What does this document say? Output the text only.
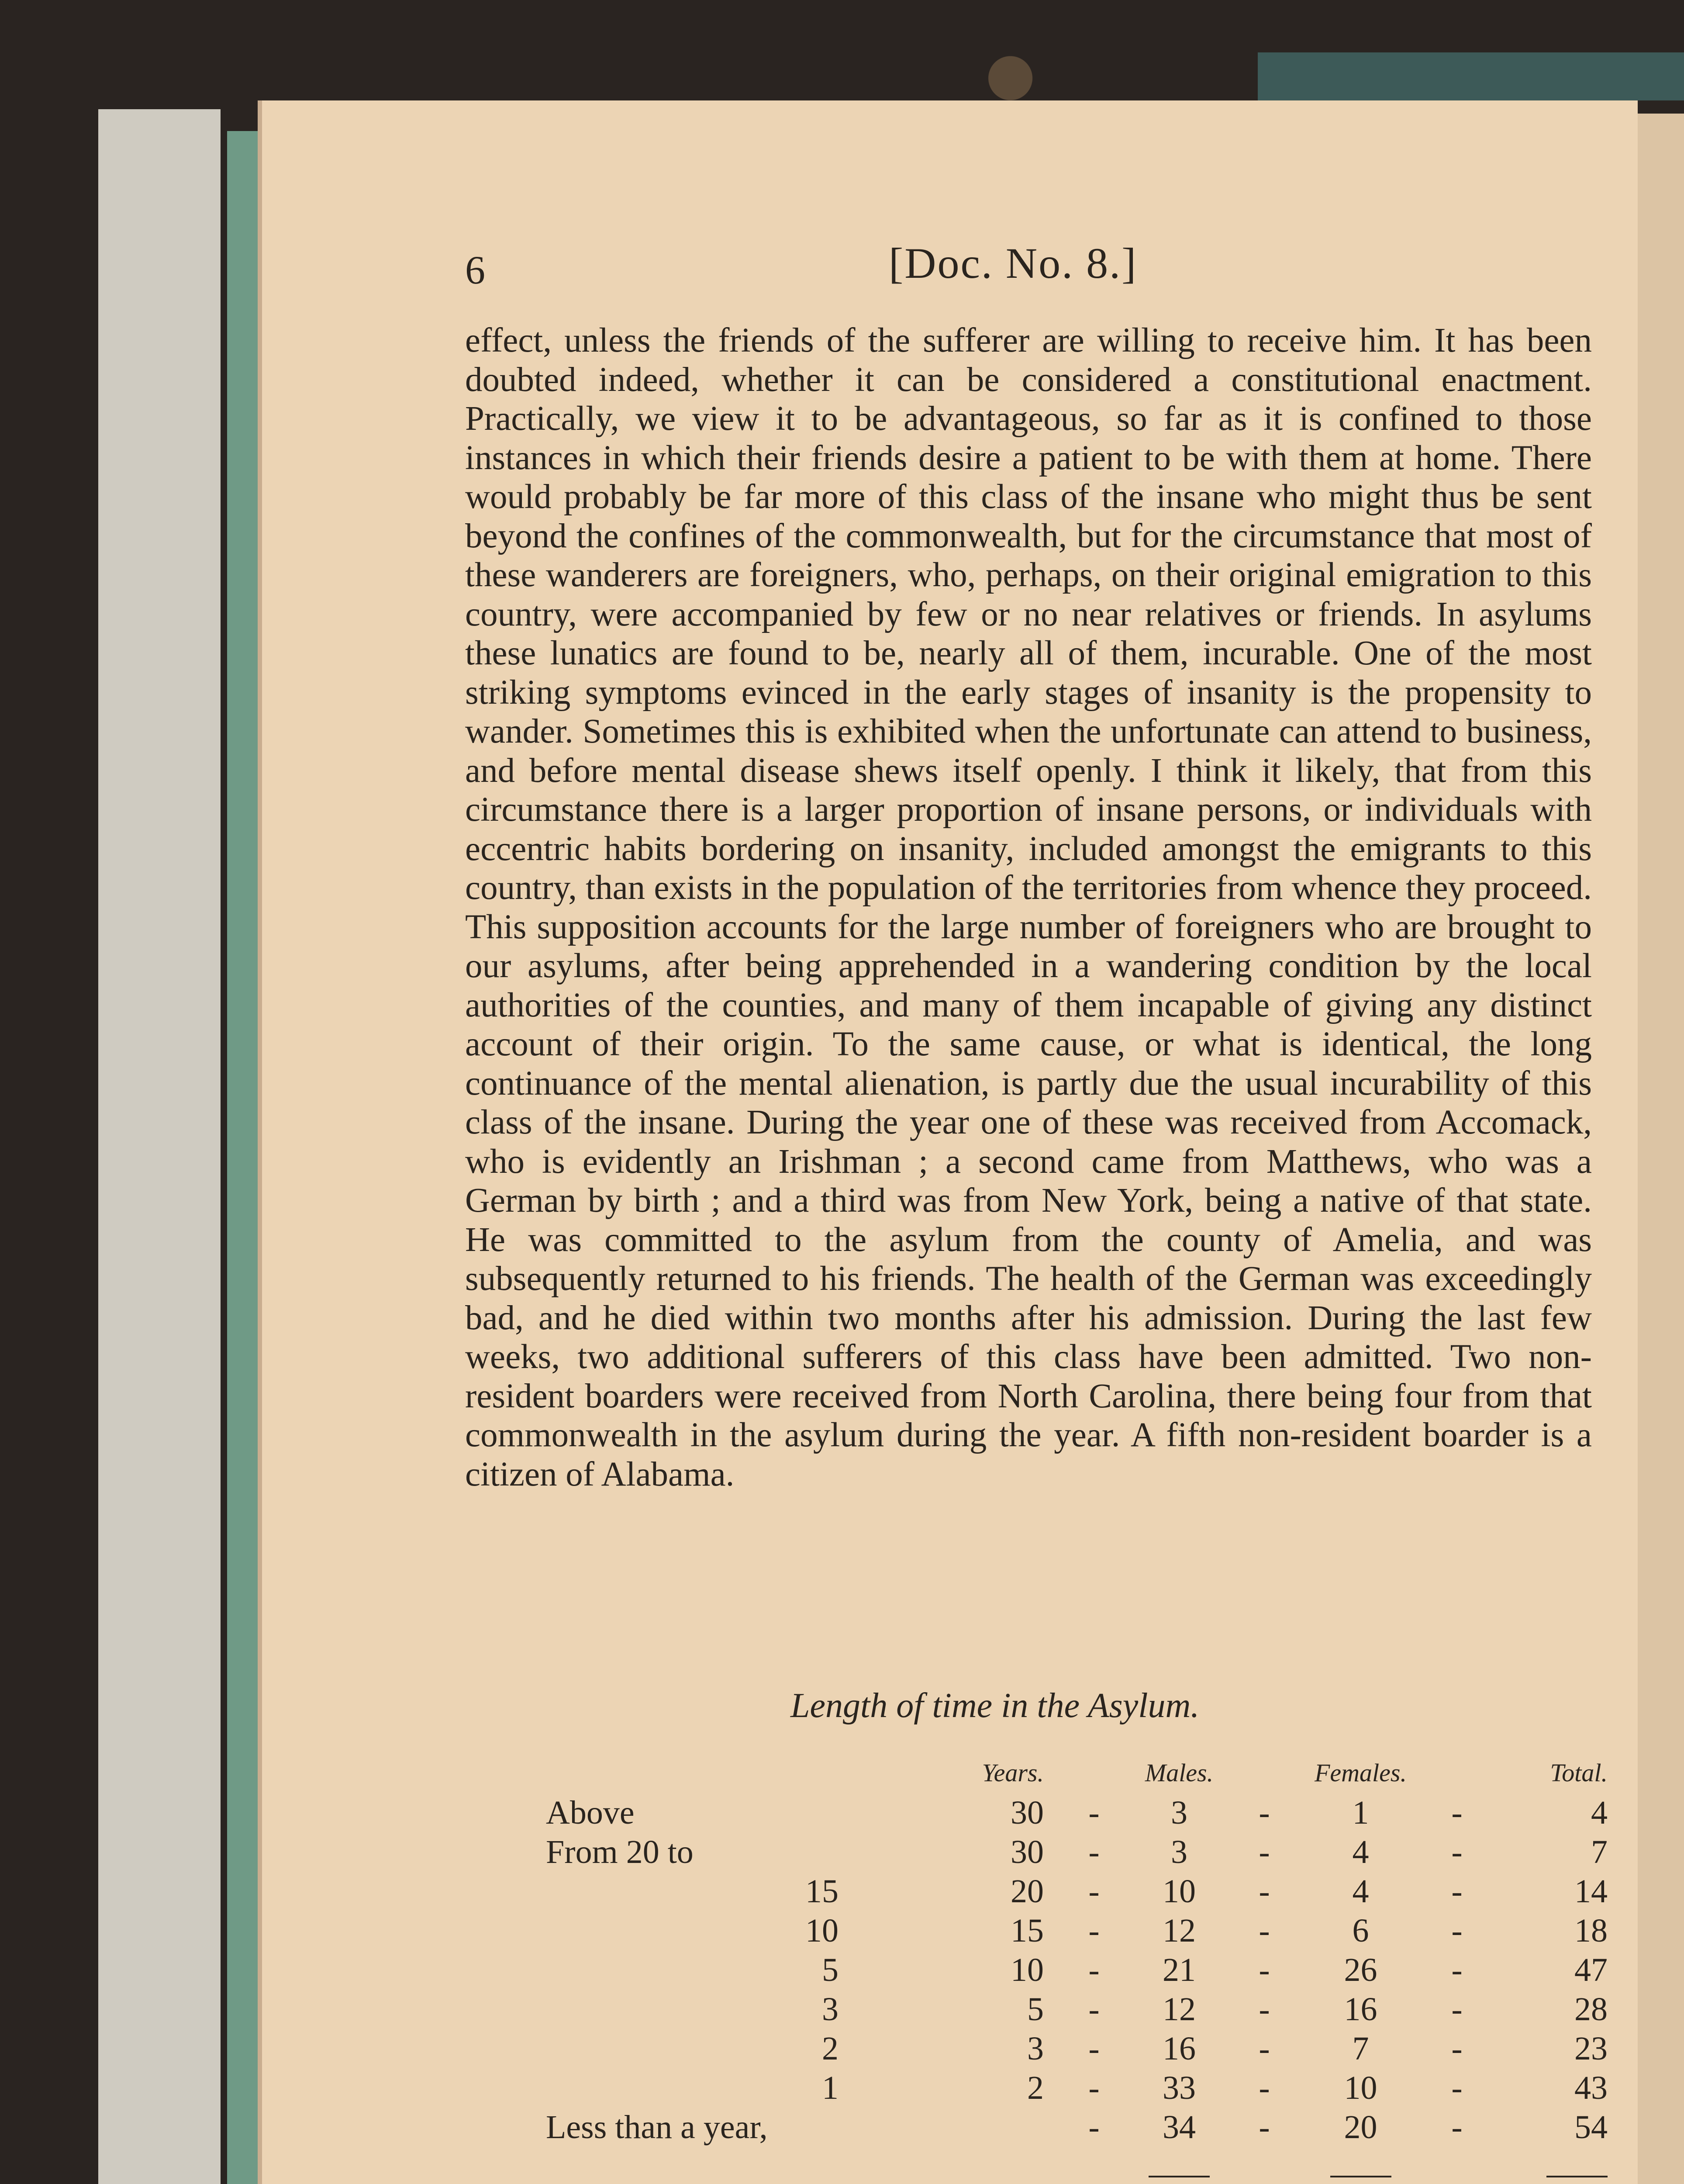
6	[Doc. No. 8.]

effect, unless the friends of the sufferer are willing to receive him. It has been doubted indeed, whether it can be considered a constitutional enactment. Practically, we view it to be advantageous, so far as it is confined to those instances in which their friends desire a patient to be with them at home. There would probably be far more of this class of the insane who might thus be sent beyond the confines of the commonwealth, but for the circumstance that most of these wanderers are foreigners, who, perhaps, on their original emigration to this country, were accompanied by few or no near relatives or friends. In asylums these lunatics are found to be, nearly all of them, incurable. One of the most striking symptoms evinced in the early stages of insanity is the propensity to wander. Sometimes this is exhibited when the unfortunate can attend to business, and before mental disease shews itself openly. I think it likely, that from this circumstance there is a larger proportion of insane persons, or individuals with eccentric habits bordering on insanity, included amongst the emigrants to this country, than exists in the population of the territories from whence they proceed. This supposition accounts for the large number of foreigners who are brought to our asylums, after being apprehended in a wandering condition by the local authorities of the counties, and many of them incapable of giving any distinct account of their origin. To the same cause, or what is identical, the long continuance of the mental alienation, is partly due the usual incurability of this class of the insane. During the year one of these was received from Accomack, who is evidently an Irishman ; a second came from Matthews, who was a German by birth ; and a third was from New York, being a native of that state. He was committed to the asylum from the county of Amelia, and was subsequently returned to his friends. The health of the German was exceedingly bad, and he died within two months after his admission. During the last few weeks, two additional sufferers of this class have been admitted. Two non-resident boarders were received from North Carolina, there being four from that commonwealth in the asylum during the year. A fifth non-resident boarder is a citizen of Alabama.

Length of time in the Asylum.
	Years.		Males.		Females.		Total.
Above	30	-	3	-	1	-	4
From 20 to	30	-	3	-	4	-	7
15	20	-	10	-	4	-	14
10	15	-	12	-	6	-	18
5	10	-	21	-	26	-	47
3	5	-	12	-	16	-	28
2	3	-	16	-	7	-	23
1	2	-	33	-	10	-	43
Less than a year,		-	34	-	20	-	54
